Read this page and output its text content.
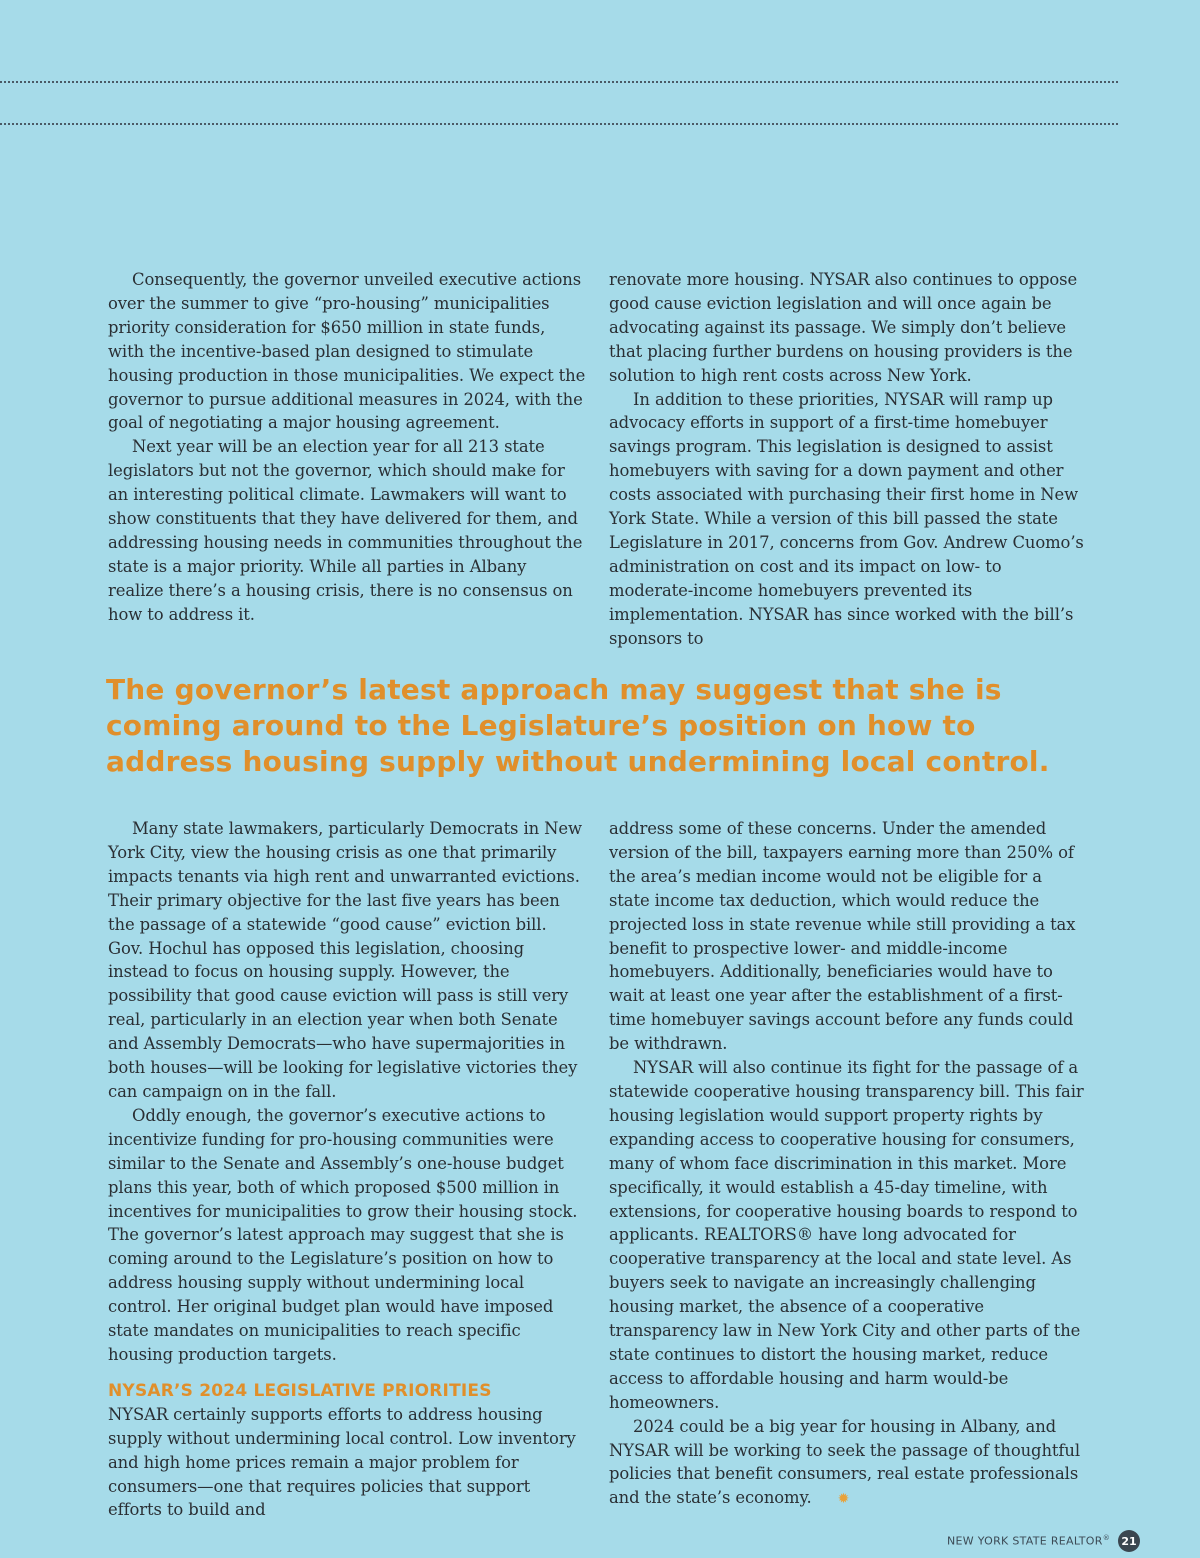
Consequently, the governor unveiled executive actions over the summer to give “pro-housing” municipalities priority consideration for $650 million in state funds, with the incentive-based plan designed to stimulate housing production in those municipalities. We expect the governor to pursue additional measures in 2024, with the goal of negotiating a major housing agreement.

Next year will be an election year for all 213 state legislators but not the governor, which should make for an interesting political climate. Lawmakers will want to show constituents that they have delivered for them, and addressing housing needs in communities throughout the state is a major priority. While all parties in Albany realize there’s a housing crisis, there is no consensus on how to address it.

renovate more housing. NYSAR also continues to oppose good cause eviction legislation and will once again be advocating against its passage. We simply don’t believe that placing further burdens on housing providers is the solution to high rent costs across New York.

In addition to these priorities, NYSAR will ramp up advocacy efforts in support of a first-time homebuyer savings program. This legislation is designed to assist homebuyers with saving for a down payment and other costs associated with purchasing their first home in New York State. While a version of this bill passed the state Legislature in 2017, concerns from Gov. Andrew Cuomo’s administration on cost and its impact on low- to moderate-income homebuyers prevented its implementation. NYSAR has since worked with the bill’s sponsors to

The governor’s latest approach may suggest that she is coming around to the Legislature’s position on how to address housing supply without undermining local control.

Many state lawmakers, particularly Democrats in New York City, view the housing crisis as one that primarily impacts tenants via high rent and unwarranted evictions. Their primary objective for the last five years has been the passage of a statewide “good cause” eviction bill. Gov. Hochul has opposed this legislation, choosing instead to focus on housing supply. However, the possibility that good cause eviction will pass is still very real, particularly in an election year when both Senate and Assembly Democrats—who have supermajorities in both houses—will be looking for legislative victories they can campaign on in the fall.

Oddly enough, the governor’s executive actions to incentivize funding for pro-housing communities were similar to the Senate and Assembly’s one-house budget plans this year, both of which proposed $500 million in incentives for municipalities to grow their housing stock. The governor’s latest approach may suggest that she is coming around to the Legislature’s position on how to address housing supply without undermining local control. Her original budget plan would have imposed state mandates on municipalities to reach specific housing production targets.

NYSAR’S 2024 LEGISLATIVE PRIORITIES

NYSAR certainly supports efforts to address housing supply without undermining local control. Low inventory and high home prices remain a major problem for consumers—one that requires policies that support efforts to build and

address some of these concerns. Under the amended version of the bill, taxpayers earning more than 250% of the area’s median income would not be eligible for a state income tax deduction, which would reduce the projected loss in state revenue while still providing a tax benefit to prospective lower- and middle-income homebuyers. Additionally, beneficiaries would have to wait at least one year after the establishment of a first-time homebuyer savings account before any funds could be withdrawn.

NYSAR will also continue its fight for the passage of a statewide cooperative housing transparency bill. This fair housing legislation would support property rights by expanding access to cooperative housing for consumers, many of whom face discrimination in this market. More specifically, it would establish a 45-day timeline, with extensions, for cooperative housing boards to respond to applicants. REALTORS® have long advocated for cooperative transparency at the local and state level. As buyers seek to navigate an increasingly challenging housing market, the absence of a cooperative transparency law in New York City and other parts of the state continues to distort the housing market, reduce access to affordable housing and harm would-be homeowners.

2024 could be a big year for housing in Albany, and NYSAR will be working to seek the passage of thoughtful policies that benefit consumers, real estate professionals and the state’s economy. ✹

NEW YORK STATE REALTOR®	21
